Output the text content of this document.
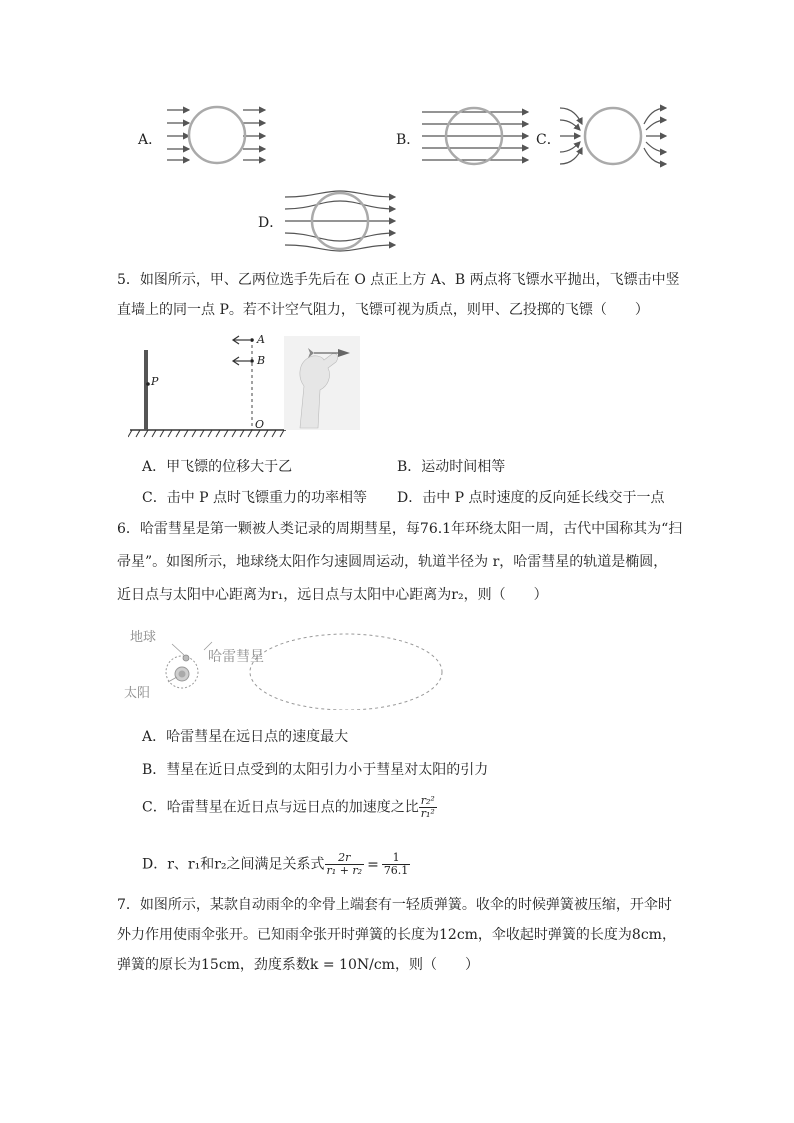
A．	B．	C．
D．
5．如图所示，甲、乙两位选手先后在 O 点正上方 A、B 两点将飞镖水平抛出，飞镖击中竖
直墙上的同一点 P。若不计空气阻力，飞镖可视为质点，则甲、乙投掷的飞镖（　　）
P
A
B
O
A．甲飞镖的位移大于乙	B．运动时间相等
C．击中 P 点时飞镖重力的功率相等 D．击中 P 点时速度的反向延长线交于一点
6．哈雷彗星是第一颗被人类记录的周期彗星，每76.1年环绕太阳一周，古代中国称其为“扫
帚星”。如图所示，地球绕太阳作匀速圆周运动，轨道半径为 r，哈雷彗星的轨道是椭圆，
近日点与太阳中心距离为r₁，远日点与太阳中心距离为r₂，则（　　）
地球
哈雷彗星
太阳
A．哈雷彗星在远日点的速度最大
B．彗星在近日点受到的太阳引力小于彗星对太阳的引力
C．哈雷彗星在近日点与远日点的加速度之比 $\frac{\text{r₂²}}{\text{r₁²}}$
D．r、r₁和r₂之间满足关系式 $\frac{2r}{\text{r₁ + r₂}} = \frac{1}{76.1}$
7．如图所示，某款自动雨伞的伞骨上端套有一轻质弹簧。收伞的时候弹簧被压缩，开伞时
外力作用使雨伞张开。已知雨伞张开时弹簧的长度为12cm，伞收起时弹簧的长度为8cm，
弹簧的原长为15cm，劲度系数k = 10N/cm，则（　　）
